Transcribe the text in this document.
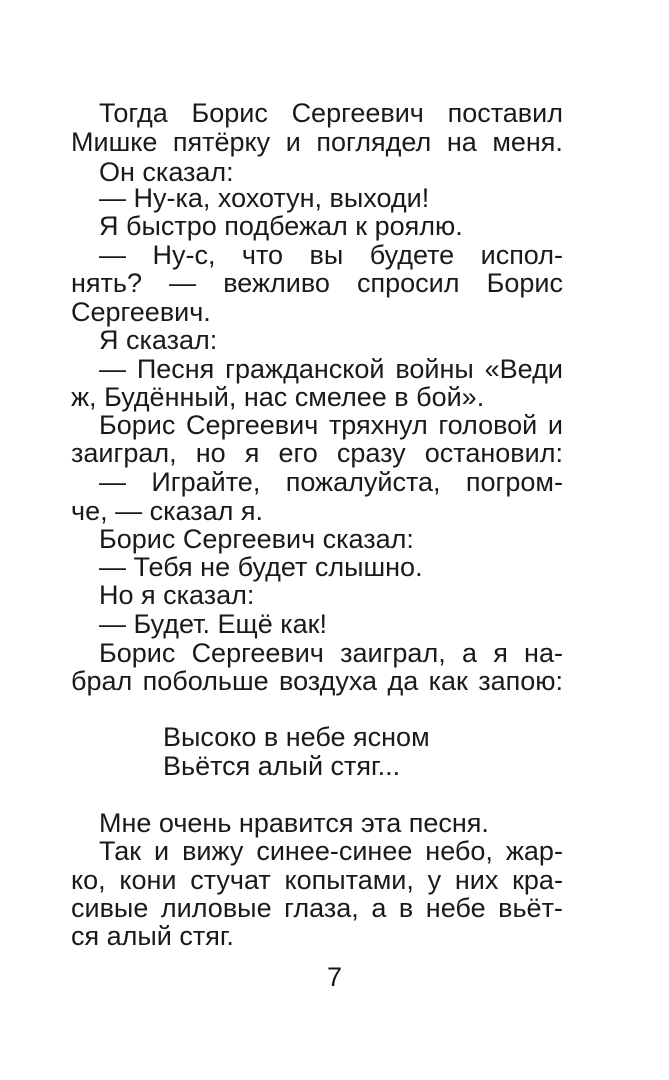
Тогда Борис Сергеевич поставил
Мишке пятёрку и поглядел на меня.
Он сказал:
— Ну-ка, хохотун, выходи!
Я быстро подбежал к роялю.
— Ну-с, что вы будете испол-
нять? — вежливо спросил Борис
Сергеевич.
Я сказал:
— Песня гражданской войны «Веди
ж, Будённый, нас смелее в бой».
Борис Сергеевич тряхнул головой и
заиграл, но я его сразу остановил:
— Играйте, пожалуйста, погром-
че, — сказал я.
Борис Сергеевич сказал:
— Тебя не будет слышно.
Но я сказал:
— Будет. Ещё как!
Борис Сергеевич заиграл, а я на-
брал побольше воздуха да как запою:
Высоко в небе ясном
Вьётся алый стяг...
Мне очень нравится эта песня.
Так и вижу синее-синее небо, жар-
ко, кони стучат копытами, у них кра-
сивые лиловые глаза, а в небе вьёт-
ся алый стяг.
7
